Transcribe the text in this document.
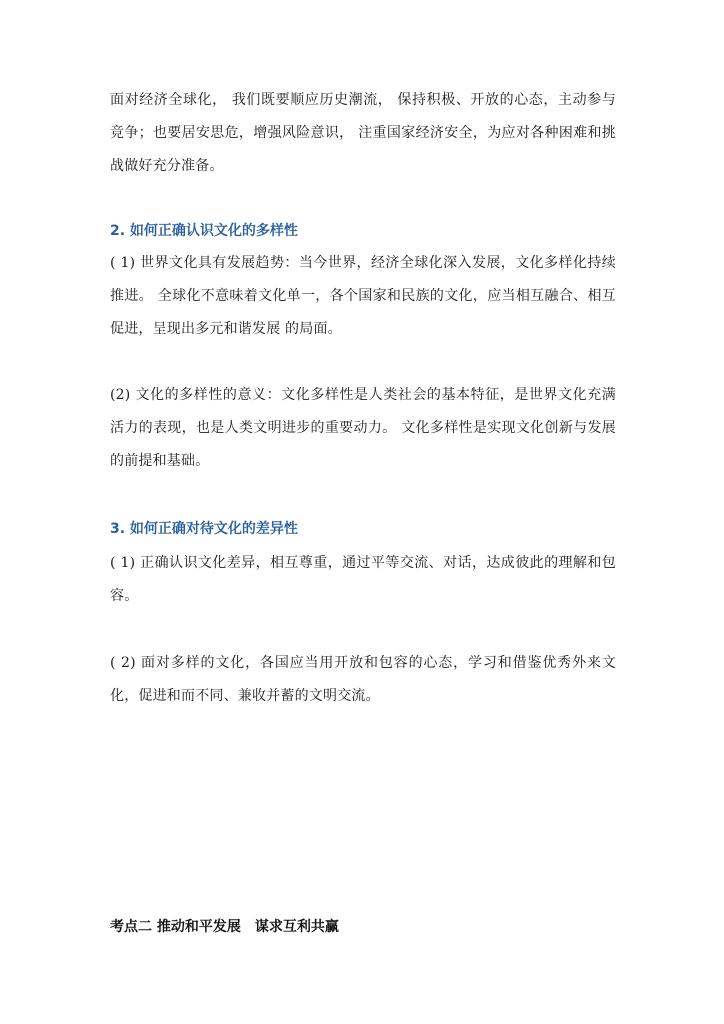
面对经济全球化， 我们既要顺应历史潮流， 保持积极、开放的心态，主动参与竞争；也要居安思危，增强风险意识， 注重国家经济安全，为应对各种困难和挑战做好充分准备。

2. 如何正确认识文化的多样性

( 1) 世界文化具有发展趋势：当今世界，经济全球化深入发展，文化多样化持续推进。 全球化不意味着文化单一，各个国家和民族的文化，应当相互融合、相互促进，呈现出多元和谐发展 的局面。

(2) 文化的多样性的意义：文化多样性是人类社会的基本特征，是世界文化充满活力的表现，也是人类文明进步的重要动力。 文化多样性是实现文化创新与发展的前提和基础。

3. 如何正确对待文化的差异性

( 1) 正确认识文化差异，相互尊重，通过平等交流、对话，达成彼此的理解和包容。

( 2) 面对多样的文化，各国应当用开放和包容的心态，学习和借鉴优秀外来文化，促进和而不同、兼收并蓄的文明交流。

考点二 推动和平发展　谋求互利共赢
